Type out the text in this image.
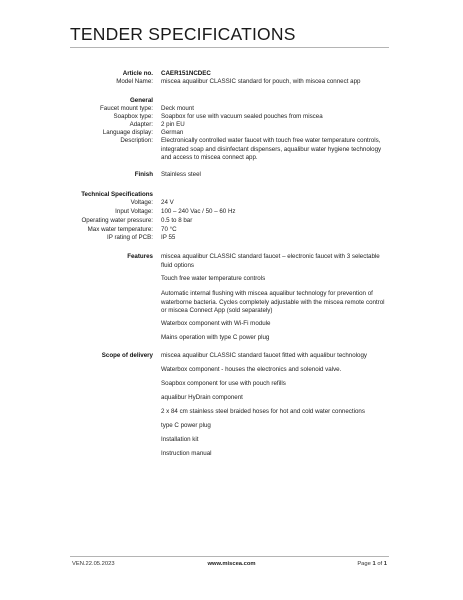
TENDER SPECIFICATIONS
Article no. CAER151NCDEC
Model Name: miscea aqualibur CLASSIC standard for pouch, with miscea connect app
General
Faucet mount type: Deck mount
Soapbox type: Soapbox for use with vacuum sealed pouches from miscea
Adapter: 2 pin EU
Language display: German
Description: Electronically controlled water faucet with touch free water temperature controls, integrated soap and disinfectant dispensers, aqualibur water hygiene technology and access to miscea connect app.
Finish Stainless steel
Technical Specifications
Voltage: 24 V
Input Voltage: 100 – 240 Vac / 50 – 60 Hz
Operating water pressure: 0.5 to 8 bar
Max water temperature: 70 °C
IP rating of PCB: IP 55
Features miscea aqualibur CLASSIC standard faucet – electronic faucet with 3 selectable fluid options
Touch free water temperature controls
Automatic internal flushing with miscea aqualibur technology for prevention of waterborne bacteria. Cycles completely adjustable with the miscea remote control or miscea Connect App (sold separately)
Waterbox component with Wi-Fi module
Mains operation with type C power plug
Scope of delivery miscea aqualibur CLASSIC standard faucet fitted with aqualibur technology
Waterbox component - houses the electronics and solenoid valve.
Soapbox component for use with pouch refills
aqualibur HyDrain component
2 x 84 cm stainless steel braided hoses for hot and cold water connections
type C power plug
Installation kit
Instruction manual
VEN.22.05.2023	www.miscea.com	Page 1 of 1
